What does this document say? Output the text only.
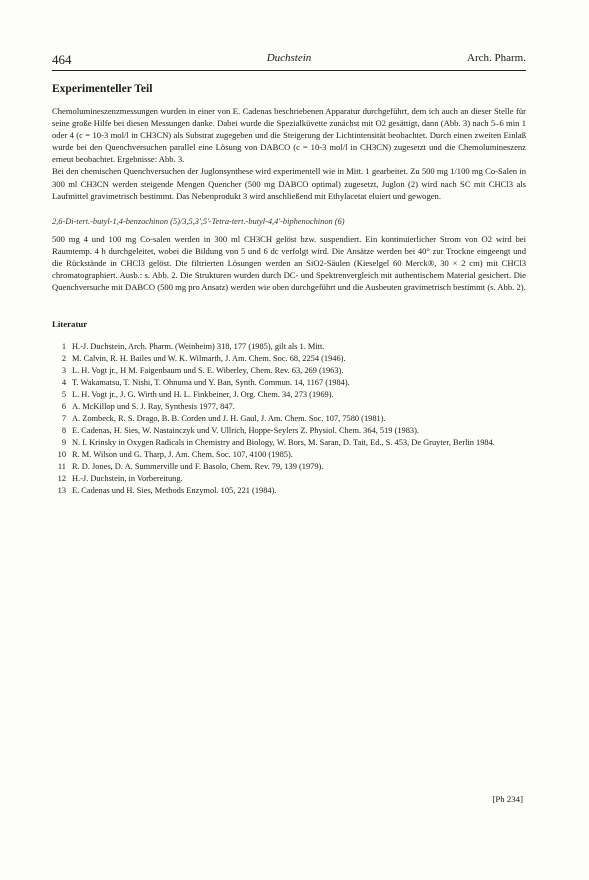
464	Duchstein	Arch. Pharm.
Experimenteller Teil

Chemolumineszenzmessungen wurden in einer von E. Cadenas beschriebenen Apparatur durchgeführt, dem ich auch an dieser Stelle für seine große Hilfe bei diesen Messungen danke. Dabei wurde die Spezialküvette zunächst mit O2 gesättigt, dann (Abb. 3) nach 5–6 min 1 oder 4 (c = 10-3 mol/l in CH3CN) als Substrat zugegeben und die Steigerung der Lichtintensität beobachtet. Durch einen zweiten Einlaß wurde bei den Quenchversuchen parallel eine Lösung von DABCO (c = 10-3 mol/l in CH3CN) zugesetzt und die Chemolumineszenz erneut beobachtet. Ergebnisse: Abb. 3.

Bei den chemischen Quenchversuchen der Juglonsynthese wird experimentell wie in Mitt. 1 gearbeitet. Zu 500 mg 1/100 mg Co-Salen in 300 ml CH3CN werden steigende Mengen Quencher (500 mg DABCO optimal) zugesetzt, Juglon (2) wird nach SC mit CHCl3 als Laufmittel gravimetrisch bestimmt. Das Nebenprodukt 3 wird anschließend mit Ethylacetat eluiert und gewogen.

2,6-Di-tert.-butyl-1,4-benzochinon (5)/3,5,3',5'-Tetra-tert.-butyl-4,4'-biphenochinon (6)

500 mg 4 und 100 mg Co-salen werden in 300 ml CH3CH gelöst bzw. suspendiert. Ein kontinuierlicher Strom von O2 wird bei Raumtemp. 4 h durchgeleitet, wobei die Bildung von 5 und 6 dc verfolgt wird. Die Ansätze werden bei 40° zur Trockne eingeengt und die Rückstände in CHCl3 gelöst. Die filtrierten Lösungen werden an SiO2-Säulen (Kieselgel 60 Merck®, 30 × 2 cm) mit CHCl3 chromatographiert. Ausb.: s. Abb. 2. Die Strukturen wurden durch DC- und Spektrenvergleich mit authentischem Material gesichert. Die Quenchversuche mit DABCO (500 mg pro Ansatz) werden wie oben durchgeführt und die Ausbeuten gravimetrisch bestimmt (s. Abb. 2).

Literatur
1 H.-J. Duchstein, Arch. Pharm. (Weinheim) 318, 177 (1985), gilt als 1. Mitt.
2 M. Calvin, R. H. Bailes und W. K. Wilmarth, J. Am. Chem. Soc. 68, 2254 (1946).
3 L. H. Vogt jr., H M. Faigenbaum und S. E. Wiberley, Chem. Rev. 63, 269 (1963).
4 T. Wakamatsu, T. Nishi, T. Ohnuma und Y. Ban, Synth. Commun. 14, 1167 (1984).
5 L. H. Vogt jr., J. G. Wirth und H. L. Finkbeiner, J. Org. Chem. 34, 273 (1969).
6 A. McKillop und S. J. Ray, Synthesis 1977, 847.
7 A. Zombeck, R. S. Drago, B. B. Corden und J. H. Gaul, J. Am. Chem. Soc. 107, 7580 (1981).
8 E. Cadenas, H. Sies, W. Nastainczyk und V. Ullrich, Hoppe-Seylers Z. Physiol. Chem. 364, 519 (1983).
9 N. I. Krinsky in Oxygen Radicals in Chemistry and Biology, W. Bors, M. Saran, D. Tait, Ed., S. 453, De Gruyter, Berlin 1984.
10 R. M. Wilson und G. Tharp, J. Am. Chem. Soc. 107, 4100 (1985).
11 R. D. Jones, D. A. Summerville und F. Basolo, Chem. Rev. 79, 139 (1979).
12 H.-J. Duchstein, in Vorbereitung.
13 E. Cadenas und H. Sies, Methods Enzymol. 105, 221 (1984).
[Ph 234]
